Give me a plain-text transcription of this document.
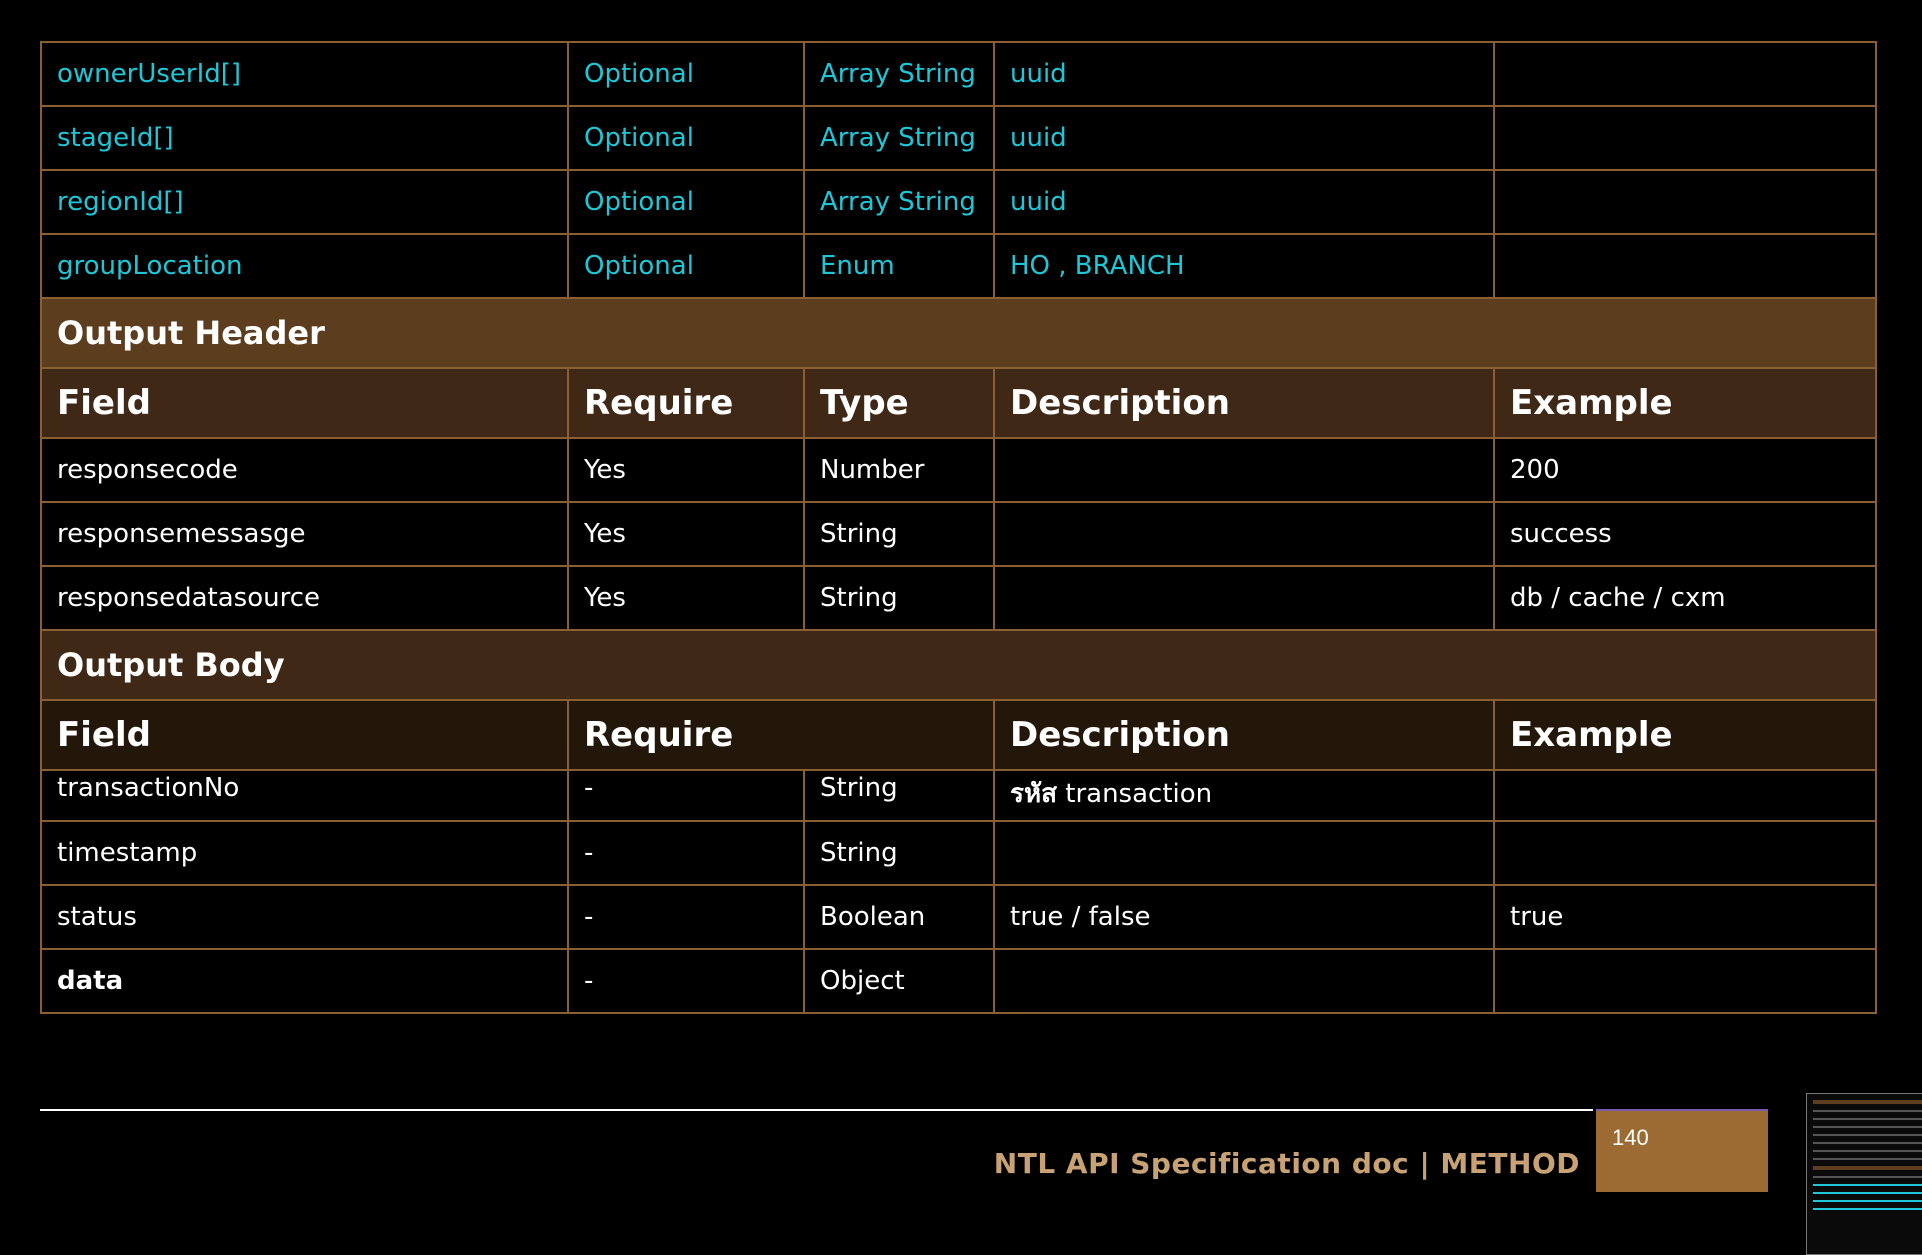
ownerUserId[]	Optional	Array String	uuid	
stageId[]	Optional	Array String	uuid	
regionId[]	Optional	Array String	uuid	
groupLocation	Optional	Enum	HO , BRANCH	
Output Header				
Field	Require	Type	Description	Example
responsecode	Yes	Number		200
responsemessasge	Yes	String		success
responsedatasource	Yes	String		db / cache / cxm
Output Body				
Field	Require		Description	Example
transactionNo	-	String	รหัส transaction	
timestamp	-	String		
status	-	Boolean	true / false	true
data	-	Object		
NTL API Specification doc | METHOD
140
